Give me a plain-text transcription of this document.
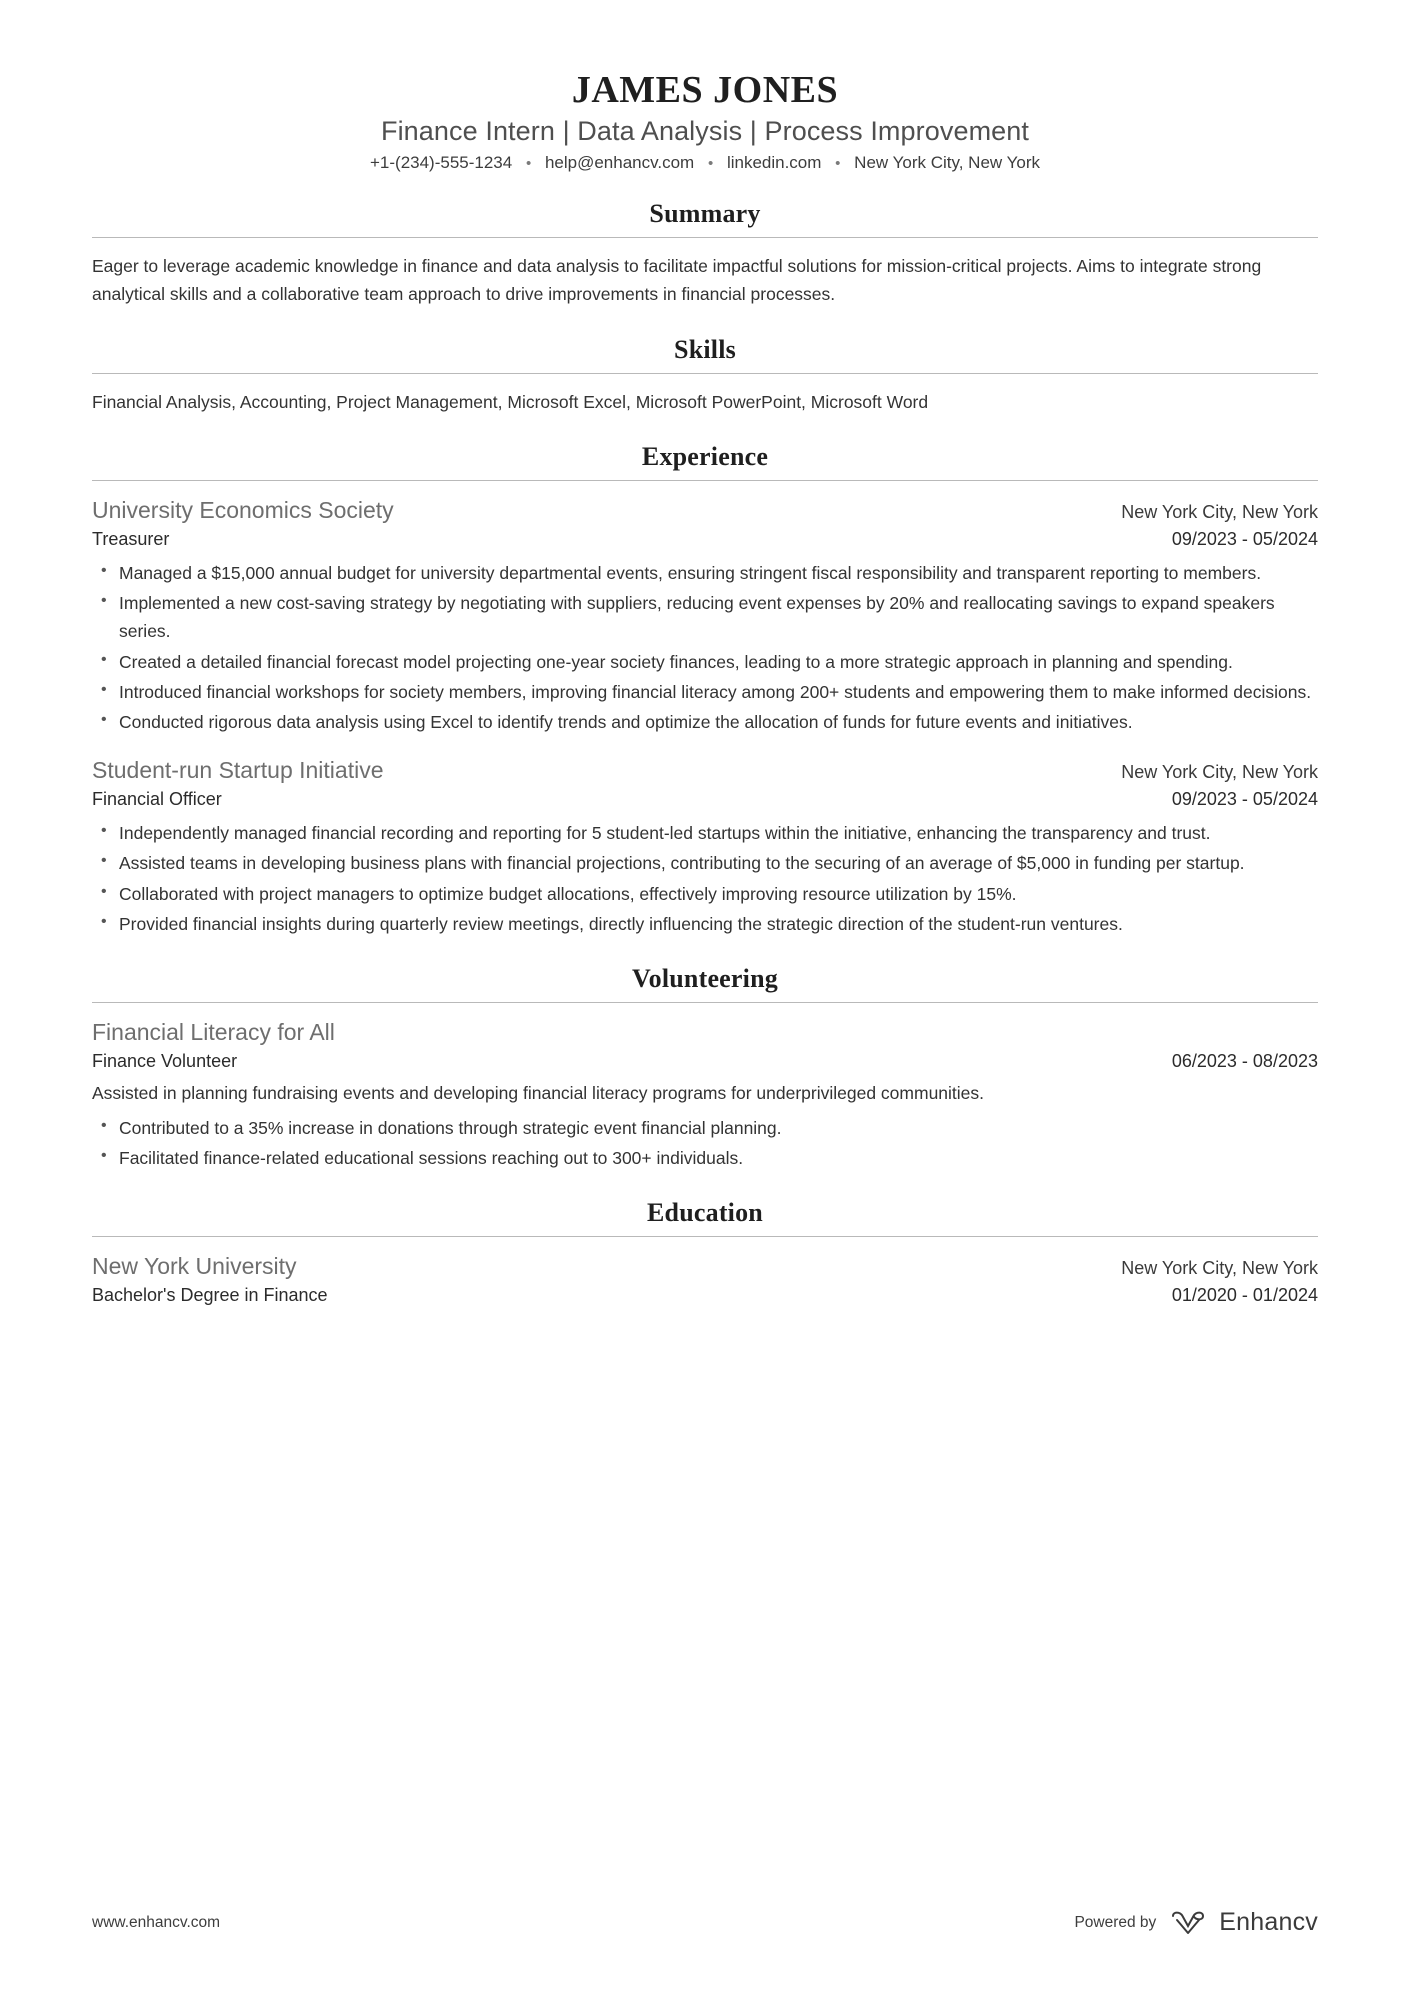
JAMES JONES
Finance Intern | Data Analysis | Process Improvement
+1-(234)-555-1234 • help@enhancv.com • linkedin.com • New York City, New York
Summary

Eager to leverage academic knowledge in finance and data analysis to facilitate impactful solutions for mission-critical projects. Aims to integrate strong analytical skills and a collaborative team approach to drive improvements in financial processes.

Skills
Financial Analysis, Accounting, Project Management, Microsoft Excel, Microsoft PowerPoint, Microsoft Word
Experience
University Economics Society	New York City, New York
Treasurer	09/2023 - 05/2024
• Managed a $15,000 annual budget for university departmental events, ensuring stringent fiscal responsibility and transparent reporting to members.
• Implemented a new cost-saving strategy by negotiating with suppliers, reducing event expenses by 20% and reallocating savings to expand speakers series.
• Created a detailed financial forecast model projecting one-year society finances, leading to a more strategic approach in planning and spending.
• Introduced financial workshops for society members, improving financial literacy among 200+ students and empowering them to make informed decisions.
• Conducted rigorous data analysis using Excel to identify trends and optimize the allocation of funds for future events and initiatives.
Student-run Startup Initiative	New York City, New York
Financial Officer	09/2023 - 05/2024
• Independently managed financial recording and reporting for 5 student-led startups within the initiative, enhancing the transparency and trust.
• Assisted teams in developing business plans with financial projections, contributing to the securing of an average of $5,000 in funding per startup.
• Collaborated with project managers to optimize budget allocations, effectively improving resource utilization by 15%.
• Provided financial insights during quarterly review meetings, directly influencing the strategic direction of the student-run ventures.
Volunteering
Financial Literacy for All
Finance Volunteer	06/2023 - 08/2023
Assisted in planning fundraising events and developing financial literacy programs for underprivileged communities.
• Contributed to a 35% increase in donations through strategic event financial planning.
• Facilitated finance-related educational sessions reaching out to 300+ individuals.
Education
New York University	New York City, New York
Bachelor's Degree in Finance	01/2020 - 01/2024
www.enhancv.com	Powered by	Enhancv
